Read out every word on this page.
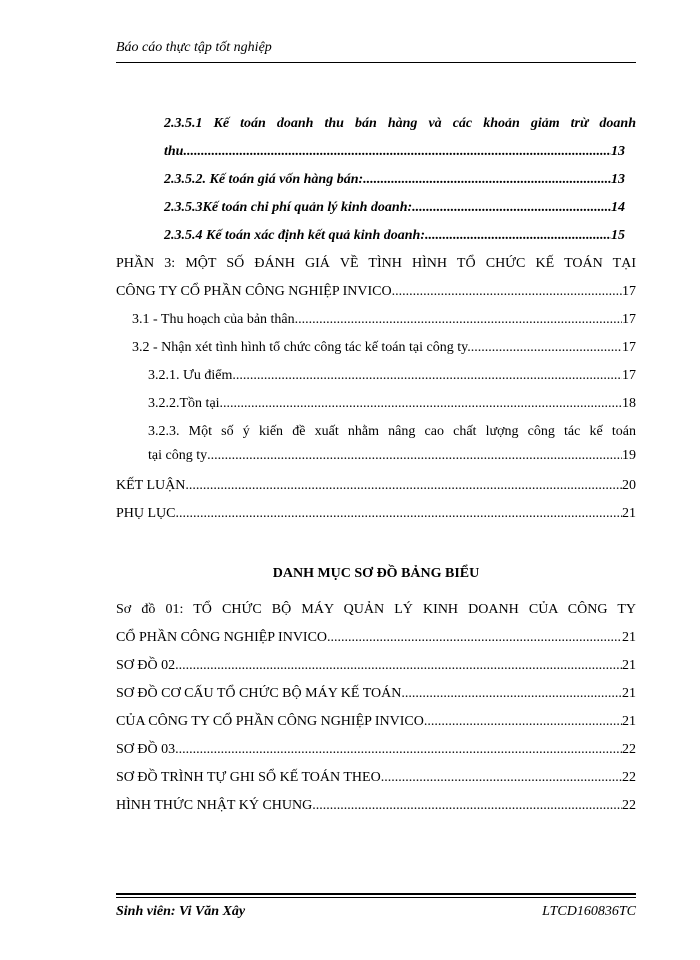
Báo cáo thực tập tốt nghiệp
2.3.5.1 Kế toán doanh thu bán hàng và các khoản giảm trừ doanh
thu .....	13
2.3.5.2. Kế toán giá vốn hàng bán: .....	13
2.3.5.3Kế toán chi phí quản lý kinh doanh: .....	14
2.3.5.4 Kế toán xác định kết quả kinh doanh: .....	15
PHẦN 3: MỘT SỐ ĐÁNH GIÁ VỀ TÌNH HÌNH TỔ CHỨC KẾ TOÁN TẠI
CÔNG TY CỔ PHẦN CÔNG NGHIỆP INVICO .....	17
3.1 - Thu hoạch của bản thân .....	17
3.2 - Nhận xét tình hình tổ chức công tác kế toán tại công ty. .....	17
3.2.1. Ưu điểm .....	17
3.2.2.Tồn tại .....	18
3.2.3. Một số ý kiến đề xuất nhằm nâng cao chất lượng công tác kế toán
tại công ty .....	19
KẾT LUẬN .....	20
PHỤ LỤC .....	21
DANH MỤC SƠ ĐỒ BẢNG BIỂU
Sơ đồ 01: TỔ CHỨC BỘ MÁY QUẢN LÝ KINH DOANH CỦA CÔNG TY
CỔ PHẦN CÔNG NGHIỆP INVICO .....	21
SƠ ĐỒ 02 .....	21
SƠ ĐỒ CƠ CẤU TỔ CHỨC BỘ MÁY KẾ TOÁN .....	21
CỦA CÔNG TY CỔ PHẦN CÔNG NGHIỆP INVICO .....	21
SƠ ĐỒ 03 .....	22
SƠ ĐỒ TRÌNH TỰ GHI SỔ KẾ TOÁN THEO .....	22
HÌNH THỨC NHẬT KÝ CHUNG .....	22
Sinh viên: Vi Văn Xây	LTCD160836TC
